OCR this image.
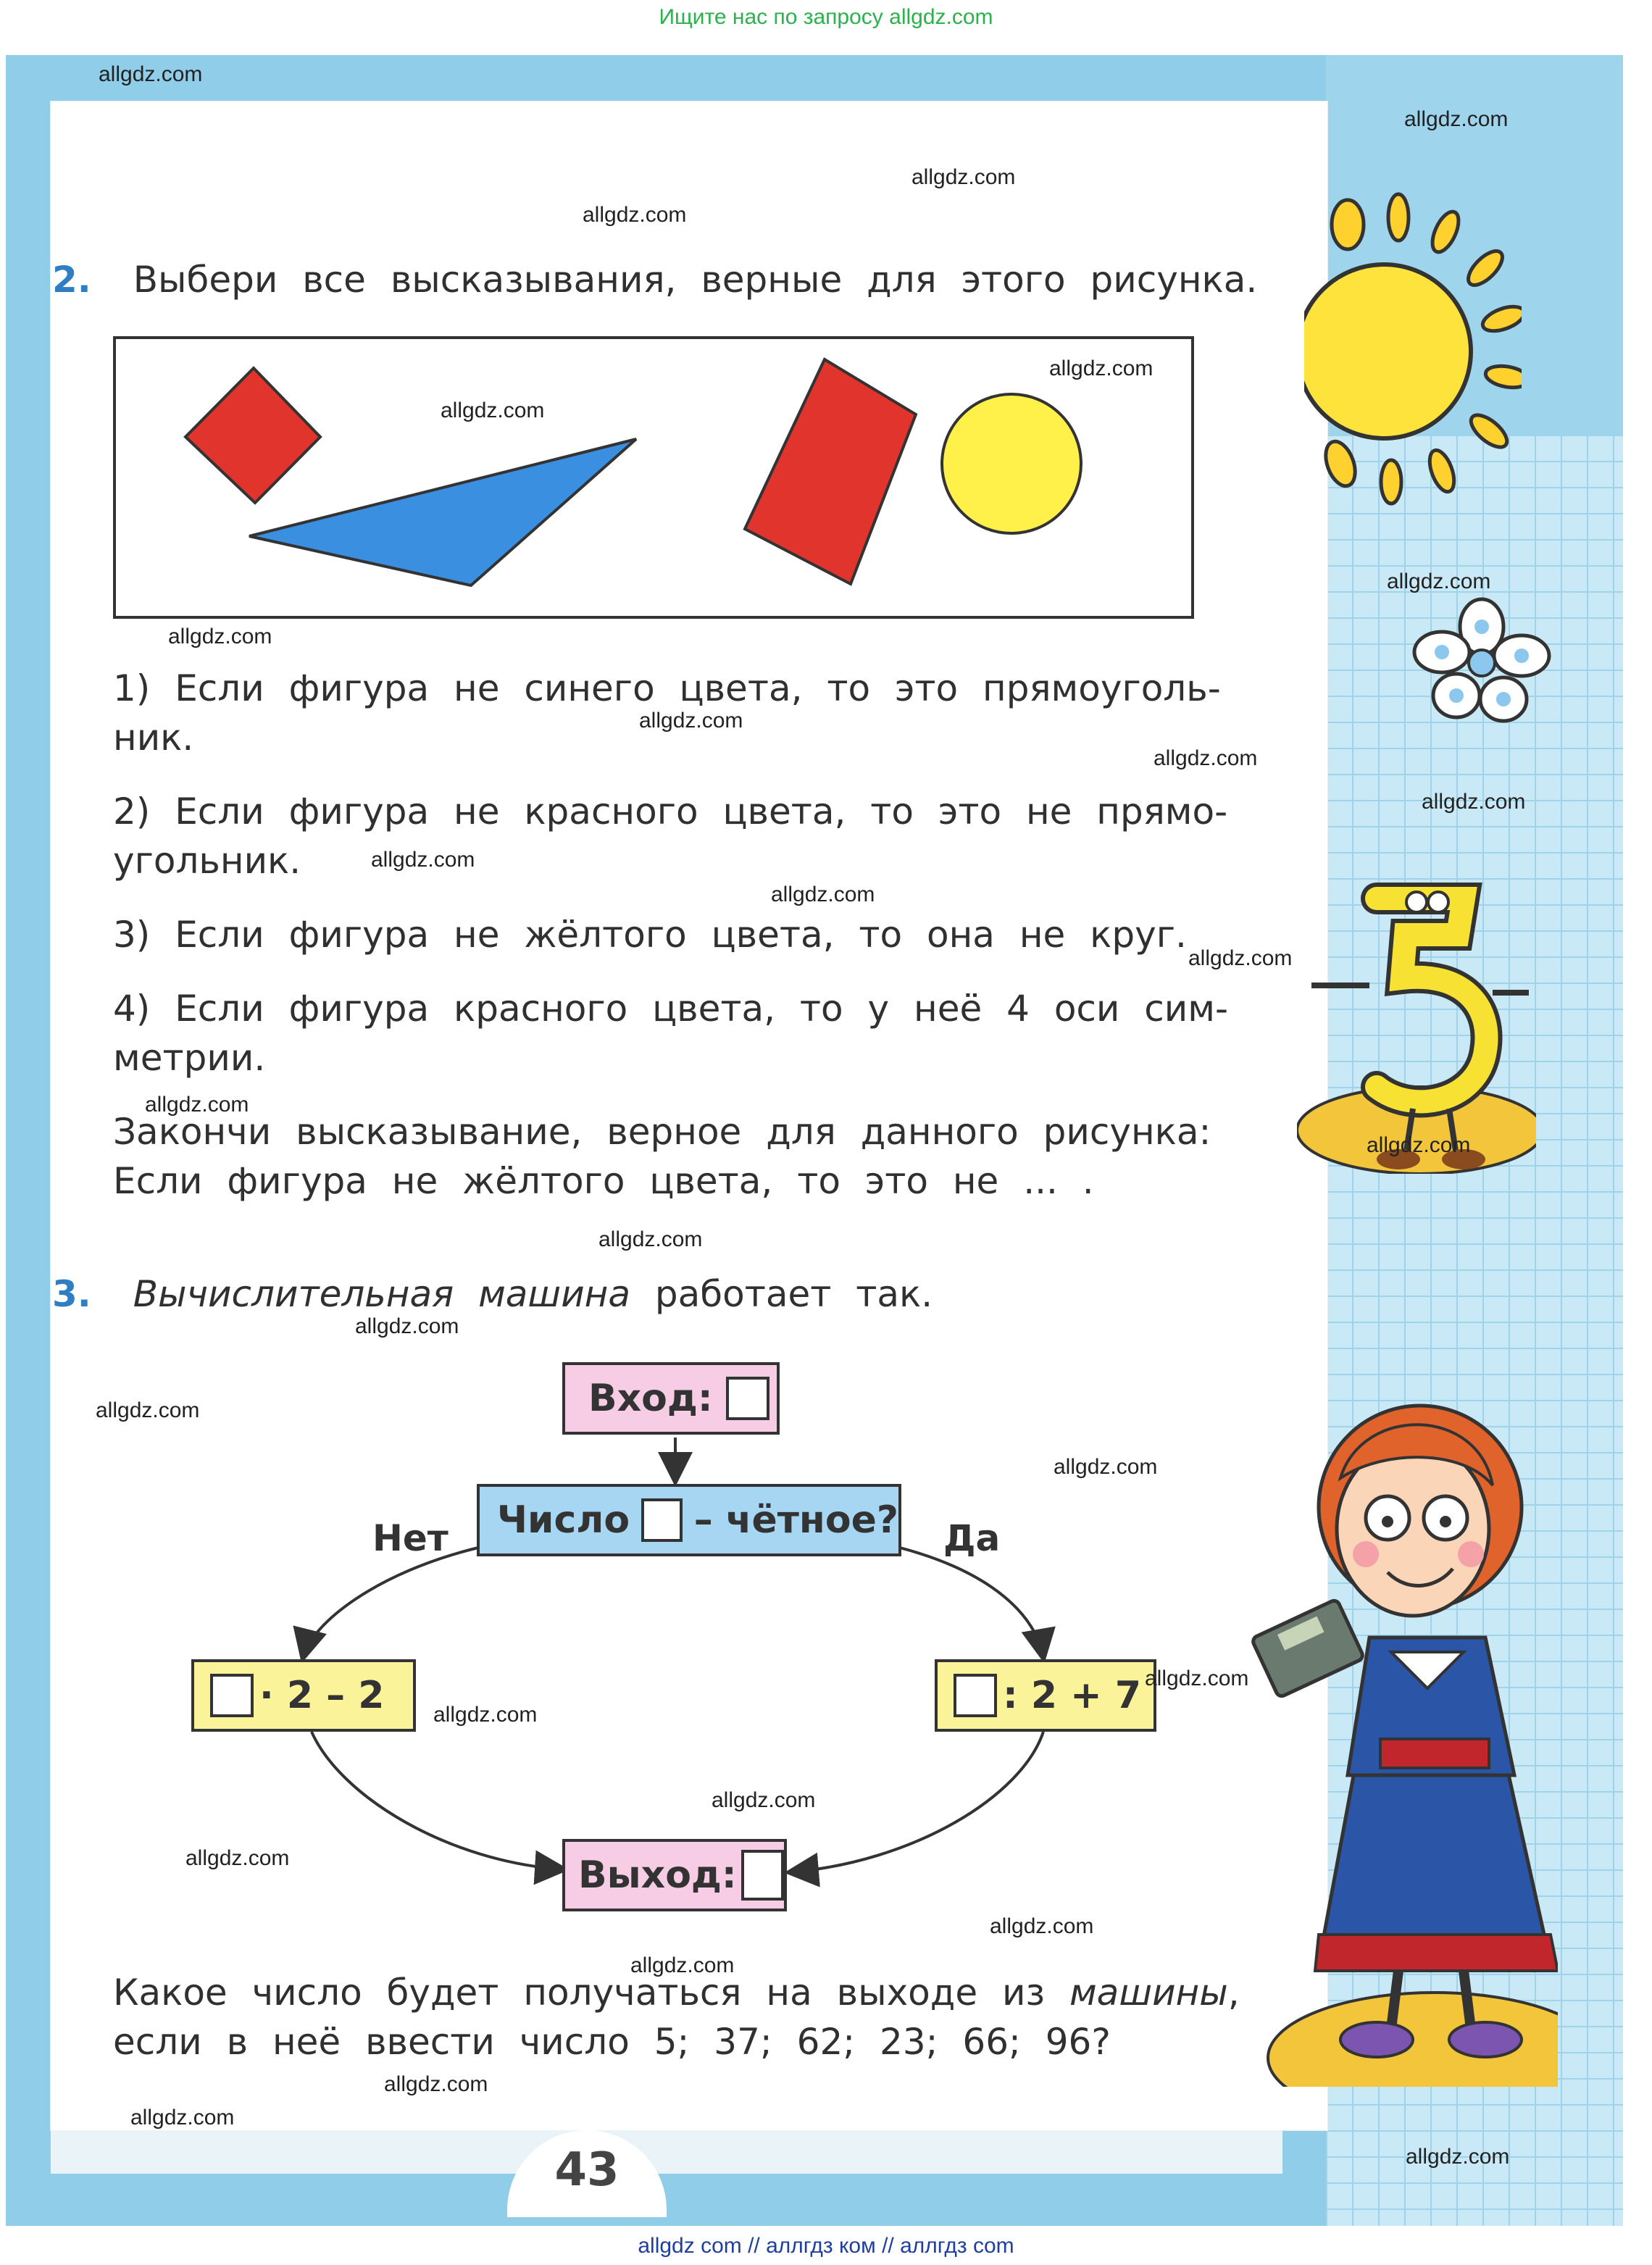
Ищите нас по запросу allgdz.com
allgdz com // аллгдз ком // аллгдз com
2. Выбери все высказывания, верные для этого рисунка.
1) Если фигура не синего цвета, то это прямоуголь-
ник.
2) Если фигура не красного цвета, то это не прямо-
угольник.
3) Если фигура не жёлтого цвета, то она не круг.
4) Если фигура красного цвета, то у неё 4 оси сим-
метрии.
Закончи высказывание, верное для данного рисунка:
Если фигура не жёлтого цвета, то это не ... .
3. Вычислительная машина работает так.
Вход:
Число – чётное?
Нет	Да
· 2 – 2	: 2 + 7
Выход:
Какое число будет получаться на выходе из машины,
если в неё ввести число 5; 37; 62; 23; 66; 96?
43
allgdz.com
allgdz.com
allgdz.com
allgdz.com
allgdz.com
allgdz.com
allgdz.com
allgdz.com
allgdz.com
allgdz.com
allgdz.com
allgdz.com
allgdz.com
allgdz.com
allgdz.com
allgdz.com
allgdz.com
allgdz.com
allgdz.com
allgdz.com
allgdz.com
allgdz.com
allgdz.com
allgdz.com
allgdz.com
allgdz.com
allgdz.com
allgdz.com
allgdz.com
